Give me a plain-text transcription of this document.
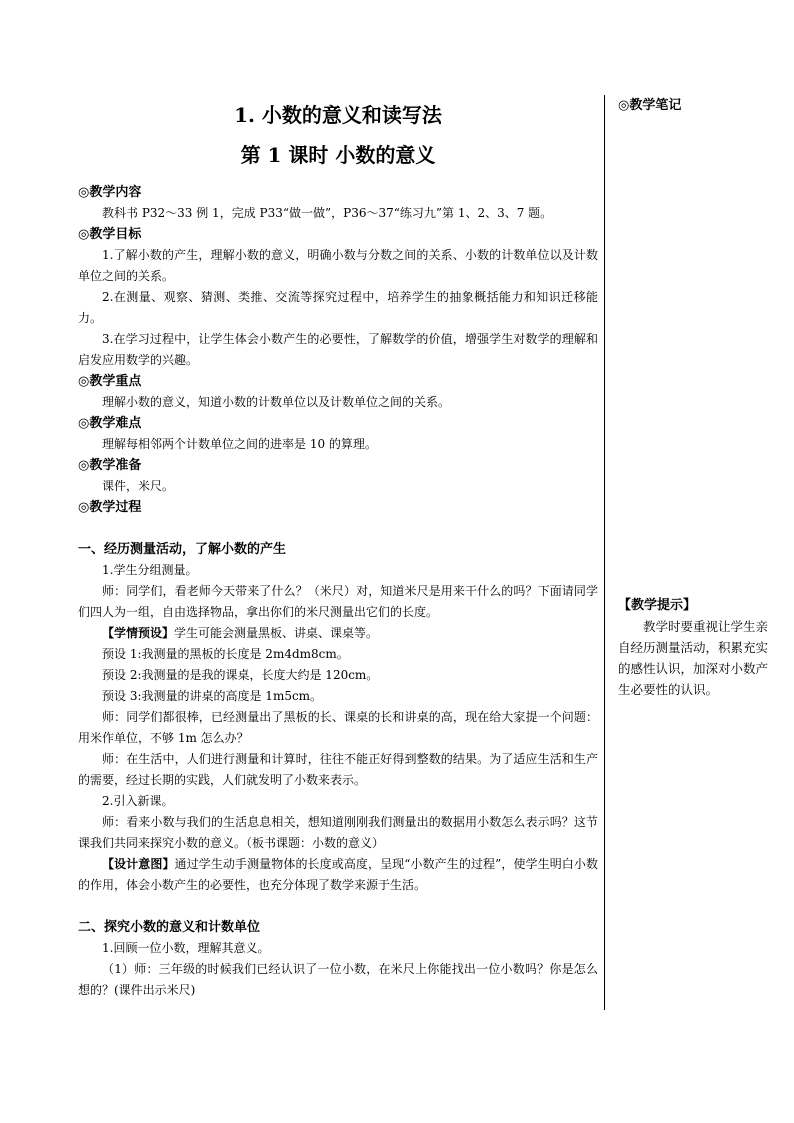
1. 小数的意义和读写法
第 1 课时 小数的意义

◎教学内容

教科书 P32～33 例 1，完成 P33“做一做”，P36～37“练习九”第 1、2、3、7 题。

◎教学目标

1.了解小数的产生，理解小数的意义，明确小数与分数之间的关系、小数的计数单位以及计数单位之间的关系。

2.在测量、观察、猜测、类推、交流等探究过程中，培养学生的抽象概括能力和知识迁移能力。

3.在学习过程中，让学生体会小数产生的必要性，了解数学的价值，增强学生对数学的理解和启发应用数学的兴趣。

◎教学重点

理解小数的意义，知道小数的计数单位以及计数单位之间的关系。

◎教学难点

理解每相邻两个计数单位之间的进率是 10 的算理。

◎教学准备

课件，米尺。

◎教学过程

一、经历测量活动，了解小数的产生

1.学生分组测量。

师：同学们，看老师今天带来了什么？（米尺）对，知道米尺是用来干什么的吗？下面请同学们四人为一组，自由选择物品，拿出你们的米尺测量出它们的长度。

【学情预设】学生可能会测量黑板、讲桌、课桌等。

预设 1:我测量的黑板的长度是 2m4dm8cm。

预设 2:我测量的是我的课桌，长度大约是 120cm。

预设 3:我测量的讲桌的高度是 1m5cm。

师：同学们都很棒，已经测量出了黑板的长、课桌的长和讲桌的高，现在给大家提一个问题：用米作单位，不够 1m 怎么办？

师：在生活中，人们进行测量和计算时，往往不能正好得到整数的结果。为了适应生活和生产的需要，经过长期的实践，人们就发明了小数来表示。

2.引入新课。

师：看来小数与我们的生活息息相关，想知道刚刚我们测量出的数据用小数怎么表示吗？这节课我们共同来探究小数的意义。（板书课题：小数的意义）

【设计意图】通过学生动手测量物体的长度或高度，呈现“小数产生的过程”，使学生明白小数的作用，体会小数产生的必要性，也充分体现了数学来源于生活。

二、探究小数的意义和计数单位

1.回顾一位小数，理解其意义。

（1）师：三年级的时候我们已经认识了一位小数，在米尺上你能找出一位小数吗？你是怎么想的？(课件出示米尺)

◎教学笔记
【教学提示】

教学时要重视让学生亲自经历测量活动，积累充实的感性认识，加深对小数产生必要性的认识。
